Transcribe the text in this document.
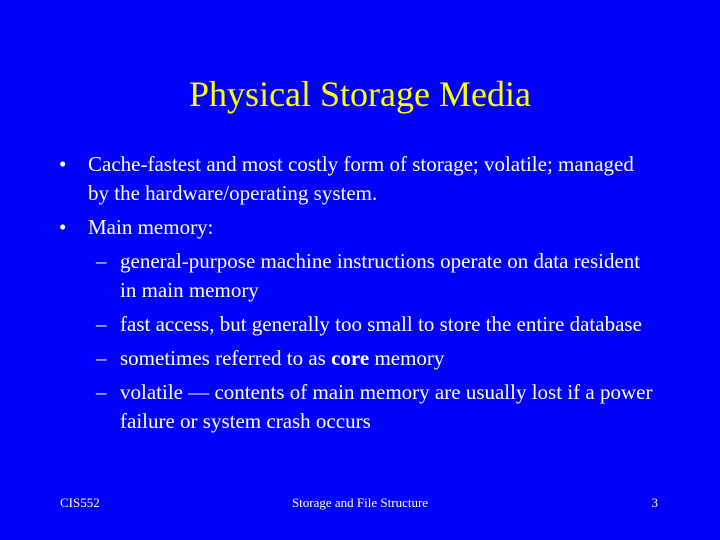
Physical Storage Media
• Cache-fastest and most costly form of storage; volatile; managed by the hardware/operating system.
• Main memory:
– general-purpose machine instructions operate on data resident in main memory
– fast access, but generally too small to store the entire database
– sometimes referred to as core memory
– volatile — contents of main memory are usually lost if a power failure or system crash occurs
CIS552	Storage and File Structure	3
